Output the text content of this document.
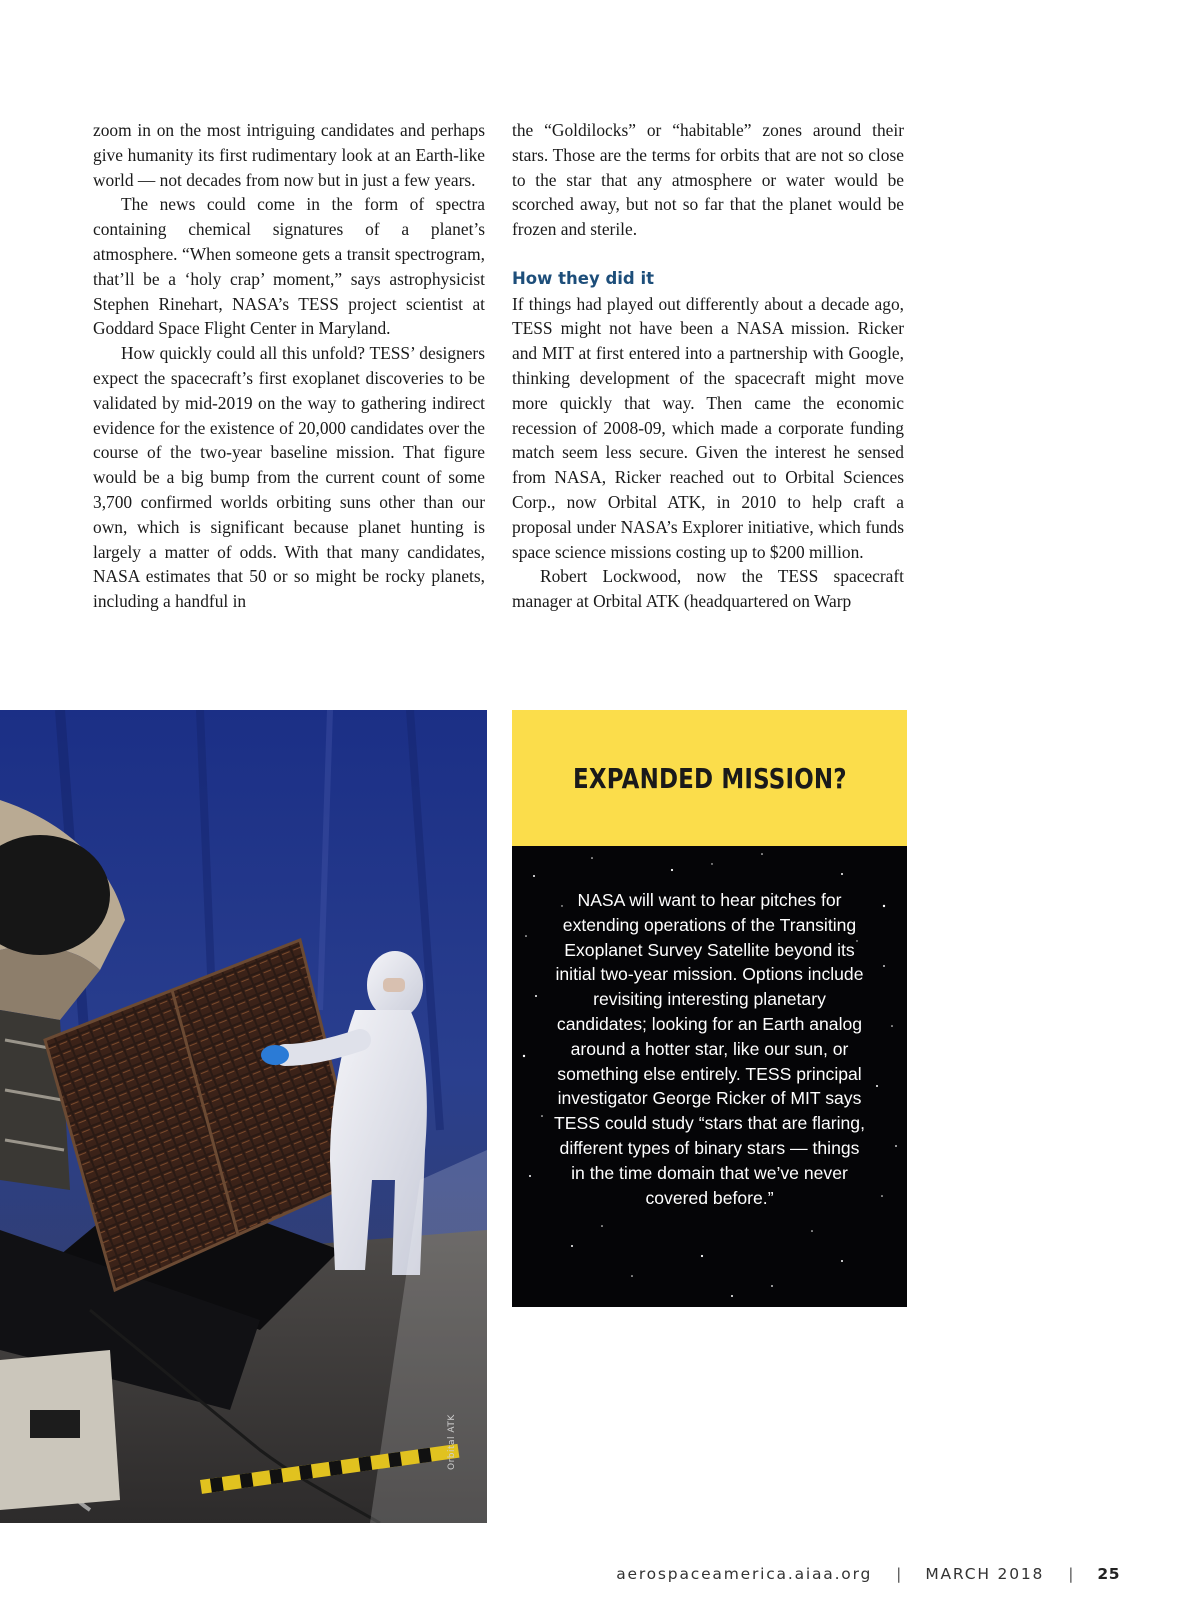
zoom in on the most intriguing candidates and perhaps give humanity its first rudimentary look at an Earth-like world — not decades from now but in just a few years.

The news could come in the form of spectra containing chemical signatures of a planet’s atmosphere. “When someone gets a transit spectrogram, that’ll be a ‘holy crap’ moment,” says astrophysicist Stephen Rinehart, NASA’s TESS project scientist at Goddard Space Flight Center in Maryland.

How quickly could all this unfold? TESS’ designers expect the spacecraft’s first exoplanet discoveries to be validated by mid-2019 on the way to gathering indirect evidence for the existence of 20,000 candidates over the course of the two-year baseline mission. That figure would be a big bump from the current count of some 3,700 confirmed worlds orbiting suns other than our own, which is significant because planet hunting is largely a matter of odds. With that many candidates, NASA estimates that 50 or so might be rocky planets, including a handful in

the “Goldilocks” or “habitable” zones around their stars. Those are the terms for orbits that are not so close to the star that any atmosphere or water would be scorched away, but not so far that the planet would be frozen and sterile.

How they did it

If things had played out differently about a decade ago, TESS might not have been a NASA mission. Ricker and MIT at first entered into a partnership with Google, thinking development of the spacecraft might move more quickly that way. Then came the economic recession of 2008-09, which made a corporate funding match seem less secure. Given the interest he sensed from NASA, Ricker reached out to Orbital Sciences Corp., now Orbital ATK, in 2010 to help craft a proposal under NASA’s Explorer initiative, which funds space science missions costing up to $200 million.

Robert Lockwood, now the TESS spacecraft manager at Orbital ATK (headquartered on Warp

Orbital ATK
EXPANDED MISSION?
NASA will want to hear pitches for extending operations of the Transiting Exoplanet Survey Satellite beyond its initial two-year mission. Options include revisiting interesting planetary candidates; looking for an Earth analog around a hotter star, like our sun, or something else entirely. TESS principal investigator George Ricker of MIT says TESS could study “stars that are flaring, different types of binary stars — things in the time domain that we’ve never covered before.”
aerospaceamerica.aiaa.org | MARCH 2018 | 25
